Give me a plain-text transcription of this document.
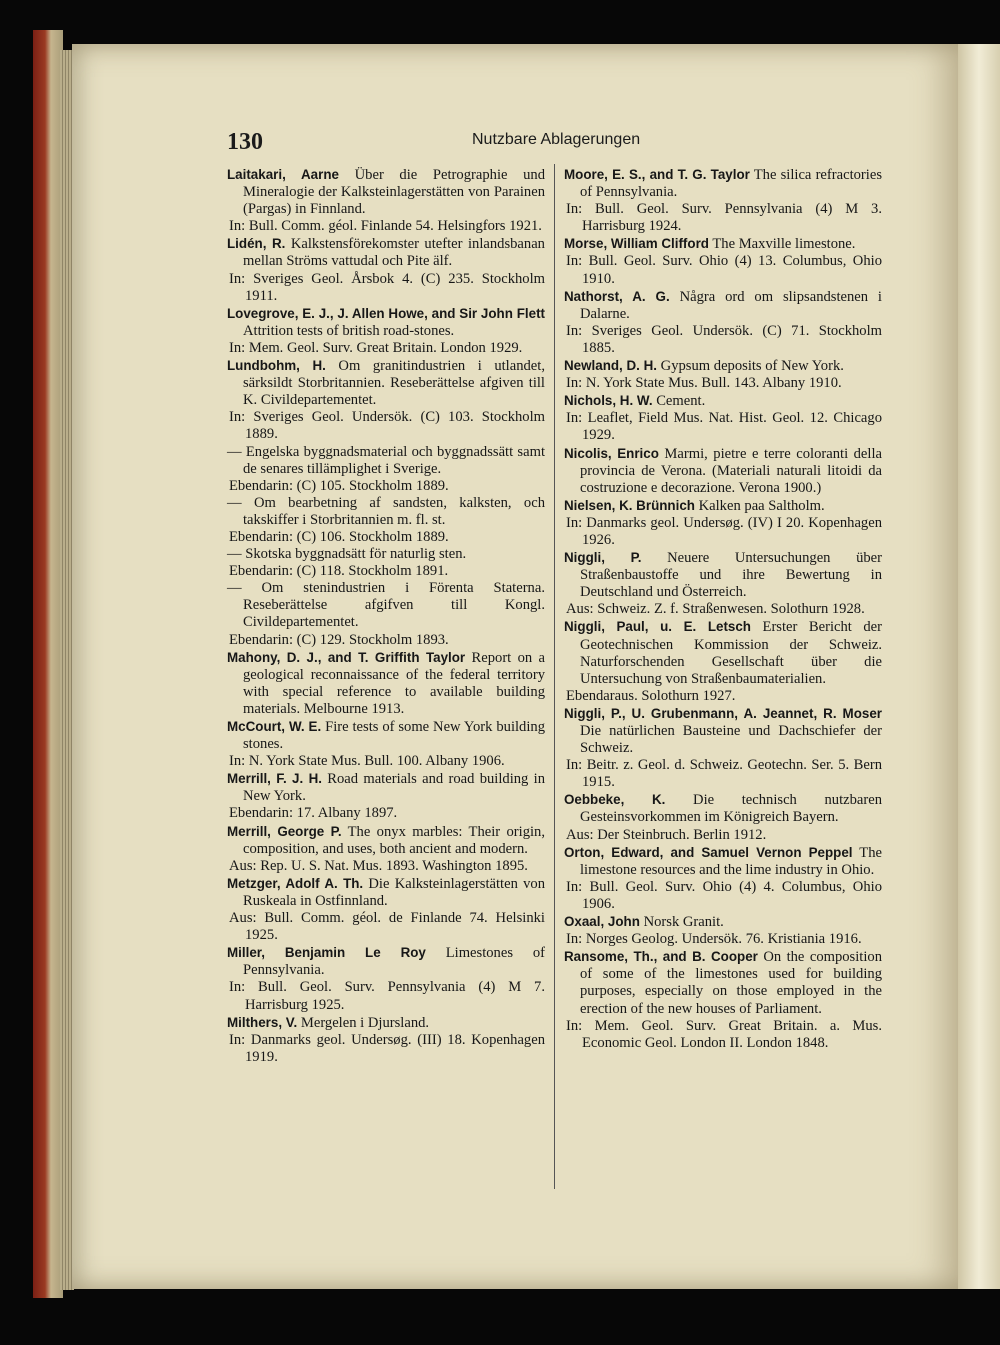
130	Nutzbare Ablagerungen
Laitakari, Aarne Über die Petrographie und Mineralogie der Kalksteinlagerstätten von Parainen (Pargas) in Finnland.
In: Bull. Comm. géol. Finlande 54. Helsingfors 1921.
Lidén, R. Kalkstensförekomster utefter inlandsbanan mellan Ströms vattudal och Pite älf.
In: Sveriges Geol. Årsbok 4. (C) 235. Stockholm 1911.
Lovegrove, E. J., J. Allen Howe, and Sir John Flett Attrition tests of british road-stones.
In: Mem. Geol. Surv. Great Britain. London 1929.
Lundbohm, H. Om granitindustrien i utlandet, särksildt Storbritannien. Reseberättelse afgiven till K. Civildepartementet.
In: Sveriges Geol. Undersök. (C) 103. Stockholm 1889.
— Engelska byggnadsmaterial och byggnadssätt samt de senares tillämplighet i Sverige.
Ebendarin: (C) 105. Stockholm 1889.
— Om bearbetning af sandsten, kalksten, och takskiffer i Storbritannien m. fl. st.
Ebendarin: (C) 106. Stockholm 1889.
— Skotska byggnadsätt för naturlig sten.
Ebendarin: (C) 118. Stockholm 1891.
— Om stenindustrien i Förenta Staterna. Reseberättelse afgifven till Kongl. Civildepartementet.
Ebendarin: (C) 129. Stockholm 1893.
Mahony, D. J., and T. Griffith Taylor Report on a geological reconnaissance of the federal territory with special reference to available building materials. Melbourne 1913.
McCourt, W. E. Fire tests of some New York building stones.
In: N. York State Mus. Bull. 100. Albany 1906.
Merrill, F. J. H. Road materials and road building in New York.
Ebendarin: 17. Albany 1897.
Merrill, George P. The onyx marbles: Their origin, composition, and uses, both ancient and modern.
Aus: Rep. U. S. Nat. Mus. 1893. Washington 1895.
Metzger, Adolf A. Th. Die Kalksteinlagerstätten von Ruskeala in Ostfinnland.
Aus: Bull. Comm. géol. de Finlande 74. Helsinki 1925.
Miller, Benjamin Le Roy Limestones of Pennsylvania.
In: Bull. Geol. Surv. Pennsylvania (4) M 7. Harrisburg 1925.
Milthers, V. Mergelen i Djursland.
In: Danmarks geol. Undersøg. (III) 18. Kopenhagen 1919.
Moore, E. S., and T. G. Taylor The silica refractories of Pennsylvania.
In: Bull. Geol. Surv. Pennsylvania (4) M 3. Harrisburg 1924.
Morse, William Clifford The Maxville limestone.
In: Bull. Geol. Surv. Ohio (4) 13. Columbus, Ohio 1910.
Nathorst, A. G. Några ord om slipsandstenen i Dalarne.
In: Sveriges Geol. Undersök. (C) 71. Stockholm 1885.
Newland, D. H. Gypsum deposits of New York.
In: N. York State Mus. Bull. 143. Albany 1910.
Nichols, H. W. Cement.
In: Leaflet, Field Mus. Nat. Hist. Geol. 12. Chicago 1929.
Nicolis, Enrico Marmi, pietre e terre coloranti della provincia de Verona. (Materiali naturali litoidi da costruzione e decorazione. Verona 1900.)
Nielsen, K. Brünnich Kalken paa Saltholm.
In: Danmarks geol. Undersøg. (IV) I 20. Kopenhagen 1926.
Niggli, P. Neuere Untersuchungen über Straßenbaustoffe und ihre Bewertung in Deutschland und Österreich.
Aus: Schweiz. Z. f. Straßenwesen. Solothurn 1928.
Niggli, Paul, u. E. Letsch Erster Bericht der Geotechnischen Kommission der Schweiz. Naturforschenden Gesellschaft über die Untersuchung von Straßenbaumaterialien.
Ebendaraus. Solothurn 1927.
Niggli, P., U. Grubenmann, A. Jeannet, R. Moser Die natürlichen Bausteine und Dachschiefer der Schweiz.
In: Beitr. z. Geol. d. Schweiz. Geotechn. Ser. 5. Bern 1915.
Oebbeke, K. Die technisch nutzbaren Gesteinsvorkommen im Königreich Bayern.
Aus: Der Steinbruch. Berlin 1912.
Orton, Edward, and Samuel Vernon Peppel The limestone resources and the lime industry in Ohio.
In: Bull. Geol. Surv. Ohio (4) 4. Columbus, Ohio 1906.
Oxaal, John Norsk Granit.
In: Norges Geolog. Undersök. 76. Kristiania 1916.
Ransome, Th., and B. Cooper On the composition of some of the limestones used for building purposes, especially on those employed in the erection of the new houses of Parliament.
In: Mem. Geol. Surv. Great Britain. a. Mus. Economic Geol. London II. London 1848.
